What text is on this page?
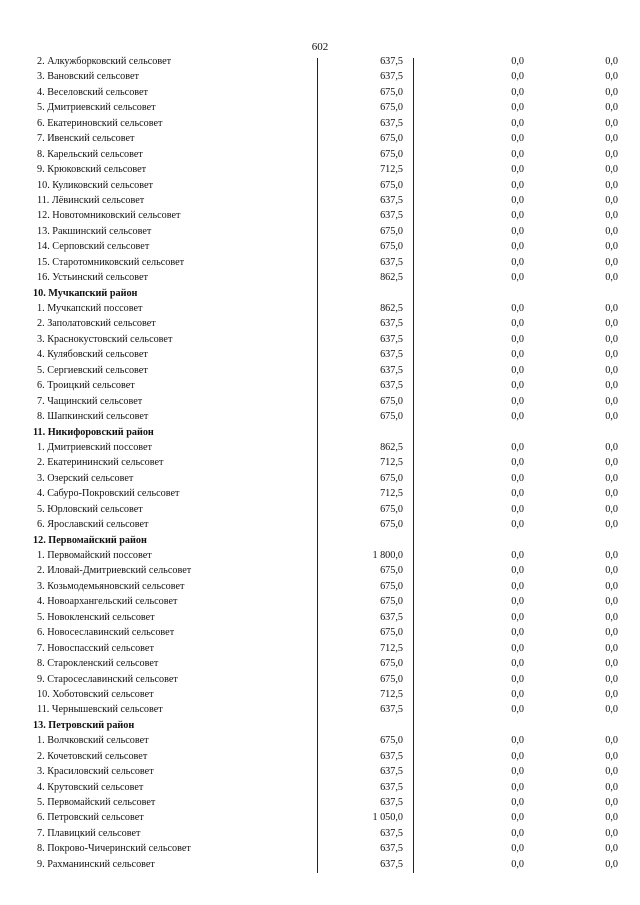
602
2. Алкужборковский сельсовет	637,5	0,0	0,0
3. Вановский сельсовет	637,5	0,0	0,0
4. Веселовский сельсовет	675,0	0,0	0,0
5. Дмитриевский сельсовет	675,0	0,0	0,0
6. Екатериновский сельсовет	637,5	0,0	0,0
7. Ивенский сельсовет	675,0	0,0	0,0
8. Карельский сельсовет	675,0	0,0	0,0
9. Крюковский сельсовет	712,5	0,0	0,0
10. Куликовский сельсовет	675,0	0,0	0,0
11. Лёвинский сельсовет	637,5	0,0	0,0
12. Новотомниковский сельсовет	637,5	0,0	0,0
13. Ракшинский сельсовет	675,0	0,0	0,0
14. Серповский сельсовет	675,0	0,0	0,0
15. Старотомниковский сельсовет	637,5	0,0	0,0
16. Устьинский сельсовет	862,5	0,0	0,0
10. Мучкапский район
1. Мучкапский поссовет	862,5	0,0	0,0
2. Заполатовский сельсовет	637,5	0,0	0,0
3. Краснокустовский сельсовет	637,5	0,0	0,0
4. Кулябовский сельсовет	637,5	0,0	0,0
5. Сергиевский сельсовет	637,5	0,0	0,0
6. Троицкий сельсовет	637,5	0,0	0,0
7. Чащинский сельсовет	675,0	0,0	0,0
8. Шапкинский сельсовет	675,0	0,0	0,0
11. Никифоровский район
1. Дмитриевский поссовет	862,5	0,0	0,0
2. Екатерининский сельсовет	712,5	0,0	0,0
3. Озерский сельсовет	675,0	0,0	0,0
4. Сабуро-Покровский сельсовет	712,5	0,0	0,0
5. Юрловский сельсовет	675,0	0,0	0,0
6. Ярославский сельсовет	675,0	0,0	0,0
12. Первомайский район
1. Первомайский поссовет	1 800,0	0,0	0,0
2. Иловай-Дмитриевский сельсовет	675,0	0,0	0,0
3. Козьмодемьяновский сельсовет	675,0	0,0	0,0
4. Новоархангельский сельсовет	675,0	0,0	0,0
5. Новокленский сельсовет	637,5	0,0	0,0
6. Новосеславинский сельсовет	675,0	0,0	0,0
7. Новоспасский сельсовет	712,5	0,0	0,0
8. Старокленский сельсовет	675,0	0,0	0,0
9. Старосеславинский сельсовет	675,0	0,0	0,0
10. Хоботовский сельсовет	712,5	0,0	0,0
11. Чернышевский сельсовет	637,5	0,0	0,0
13. Петровский район
1. Волчковский сельсовет	675,0	0,0	0,0
2. Кочетовский сельсовет	637,5	0,0	0,0
3. Красиловский сельсовет	637,5	0,0	0,0
4. Крутовский сельсовет	637,5	0,0	0,0
5. Первомайский сельсовет	637,5	0,0	0,0
6. Петровский сельсовет	1 050,0	0,0	0,0
7. Плавицкий сельсовет	637,5	0,0	0,0
8. Покрово-Чичеринский сельсовет	637,5	0,0	0,0
9. Рахманинский сельсовет	637,5	0,0	0,0
